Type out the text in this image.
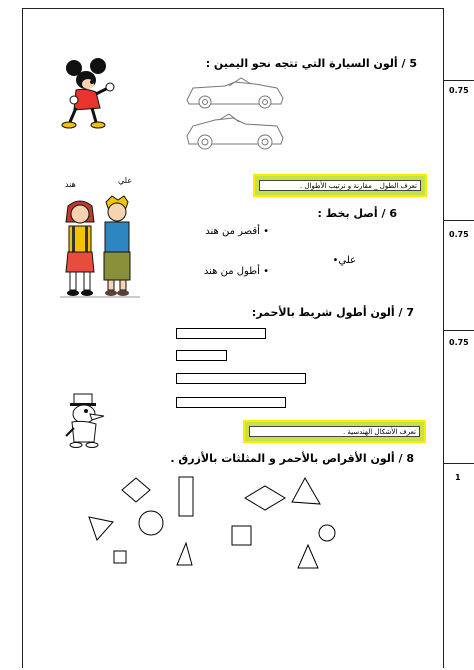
0.75
0.75
0.75
1
5 / ألون السيارة التي تتجه نحو اليمين :
تعرف الطول _ مقارنة و ترتيب الأطوال .
علي
هند
6 / أصل بخط :
• أقصر من هند
علي•
• أطول من هند
7 / ألون أطول شريط بالأحمر:
تعرف الأشكال الهندسية .
8 / ألون الأقراص بالأحمر و المثلثات بالأزرق .
